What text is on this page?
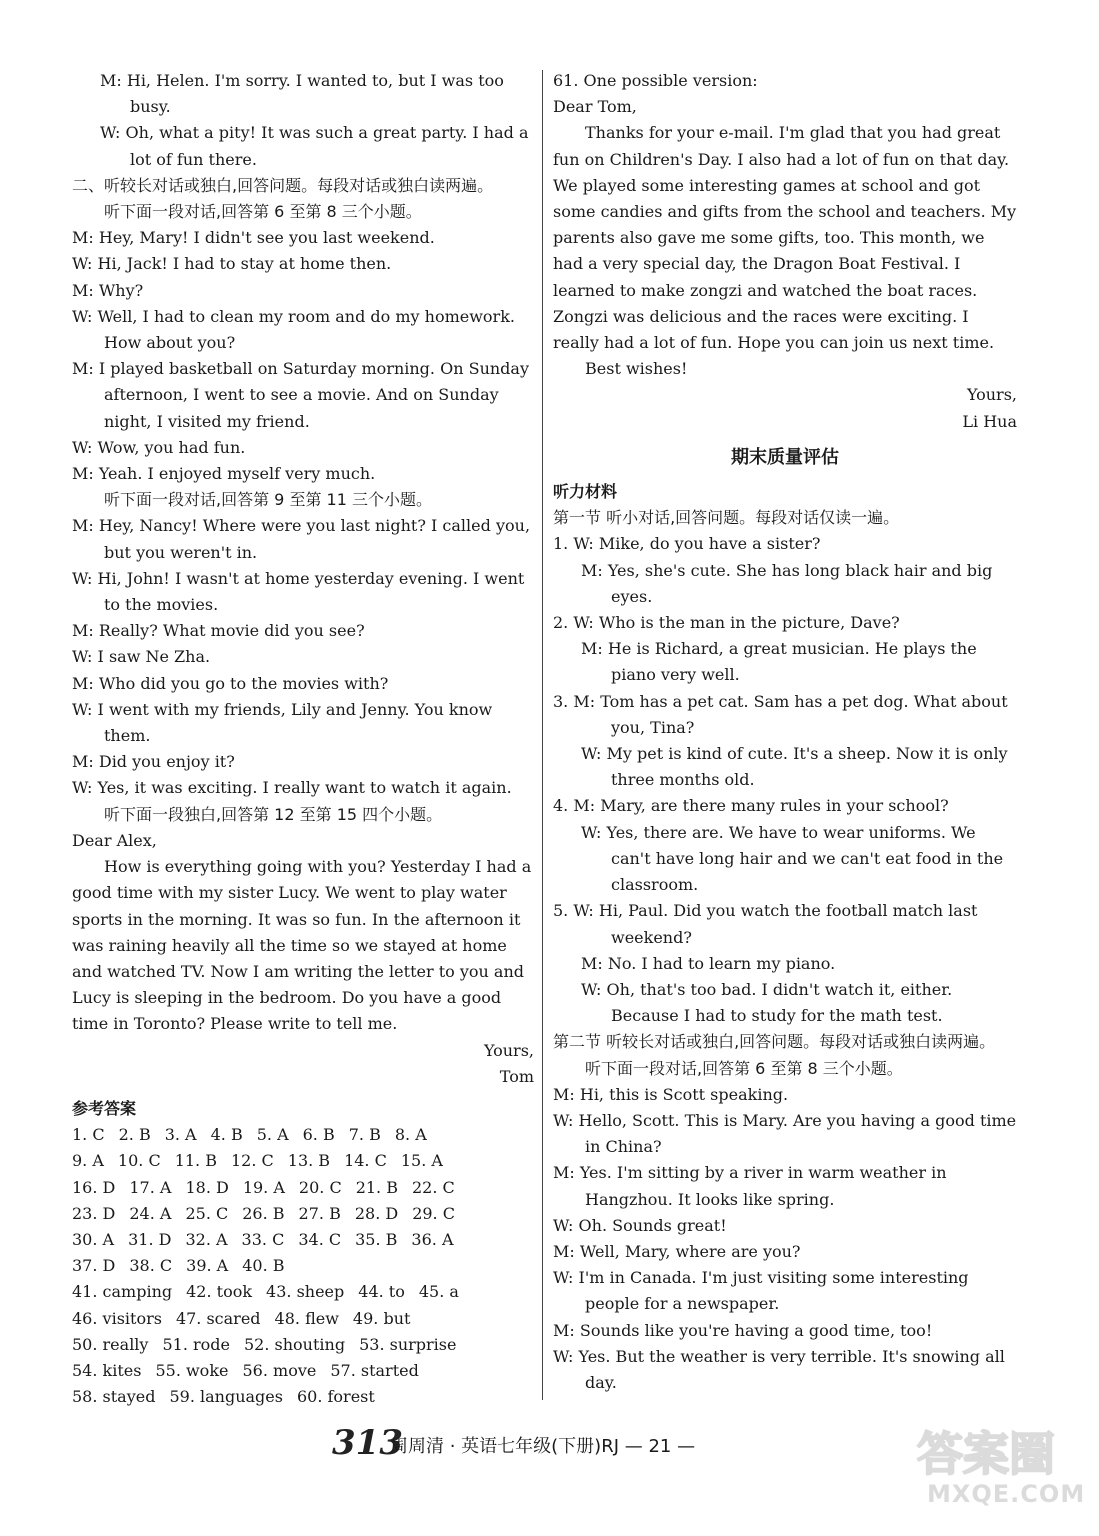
M: Hi, Helen. I'm sorry. I wanted to, but I was too busy.
W: Oh, what a pity! It was such a great party. I had a lot of fun there.
二、听较长对话或独白,回答问题。每段对话或独白读两遍。
听下面一段对话,回答第 6 至第 8 三个小题。
M: Hey, Mary! I didn't see you last weekend.
W: Hi, Jack! I had to stay at home then.
M: Why?
W: Well, I had to clean my room and do my homework. How about you?
M: I played basketball on Saturday morning. On Sunday afternoon, I went to see a movie. And on Sunday night, I visited my friend.
W: Wow, you had fun.
M: Yeah. I enjoyed myself very much.
听下面一段对话,回答第 9 至第 11 三个小题。
M: Hey, Nancy! Where were you last night? I called you, but you weren't in.
W: Hi, John! I wasn't at home yesterday evening. I went to the movies.
M: Really? What movie did you see?
W: I saw Ne Zha.
M: Who did you go to the movies with?
W: I went with my friends, Lily and Jenny. You know them.
M: Did you enjoy it?
W: Yes, it was exciting. I really want to watch it again.
听下面一段独白,回答第 12 至第 15 四个小题。
Dear Alex,
How is everything going with you? Yesterday I had a good time with my sister Lucy. We went to play water sports in the morning. It was so fun. In the afternoon it was raining heavily all the time so we stayed at home and watched TV. Now I am writing the letter to you and Lucy is sleeping in the bedroom. Do you have a good time in Toronto? Please write to tell me.
Yours,
Tom
参考答案
1. C 2. B 3. A 4. B 5. A 6. B 7. B 8. A
9. A 10. C 11. B 12. C 13. B 14. C 15. A
16. D 17. A 18. D 19. A 20. C 21. B 22. C
23. D 24. A 25. C 26. B 27. B 28. D 29. C
30. A 31. D 32. A 33. C 34. C 35. B 36. A
37. D 38. C 39. A 40. B
41. camping 42. took 43. sheep 44. to 45. a
46. visitors 47. scared 48. flew 49. but
50. really 51. rode 52. shouting 53. surprise
54. kites 55. woke 56. move 57. started
58. stayed 59. languages 60. forest
61. One possible version:
Dear Tom,
Thanks for your e-mail. I'm glad that you had great fun on Children's Day. I also had a lot of fun on that day. We played some interesting games at school and got some candies and gifts from the school and teachers. My parents also gave me some gifts, too. This month, we had a very special day, the Dragon Boat Festival. I learned to make zongzi and watched the boat races. Zongzi was delicious and the races were exciting. I really had a lot of fun. Hope you can join us next time.
Best wishes!
Yours,
Li Hua
期末质量评估
听力材料
第一节 听小对话,回答问题。每段对话仅读一遍。
1. W: Mike, do you have a sister?
M: Yes, she's cute. She has long black hair and big eyes.
2. W: Who is the man in the picture, Dave?
M: He is Richard, a great musician. He plays the piano very well.
3. M: Tom has a pet cat. Sam has a pet dog. What about you, Tina?
W: My pet is kind of cute. It's a sheep. Now it is only three months old.
4. M: Mary, are there many rules in your school?
W: Yes, there are. We have to wear uniforms. We can't have long hair and we can't eat food in the classroom.
5. W: Hi, Paul. Did you watch the football match last weekend?
M: No. I had to learn my piano.
W: Oh, that's too bad. I didn't watch it, either. Because I had to study for the math test.
第二节 听较长对话或独白,回答问题。每段对话或独白读两遍。
听下面一段对话,回答第 6 至第 8 三个小题。
M: Hi, this is Scott speaking.
W: Hello, Scott. This is Mary. Are you having a good time in China?
M: Yes. I'm sitting by a river in warm weather in Hangzhou. It looks like spring.
W: Oh. Sounds great!
M: Well, Mary, where are you?
W: I'm in Canada. I'm just visiting some interesting people for a newspaper.
M: Sounds like you're having a good time, too!
W: Yes. But the weather is very terrible. It's snowing all day.
313
周周清 · 英语七年级(下册)RJ — 21 —	答案圈
MXQE.COM
